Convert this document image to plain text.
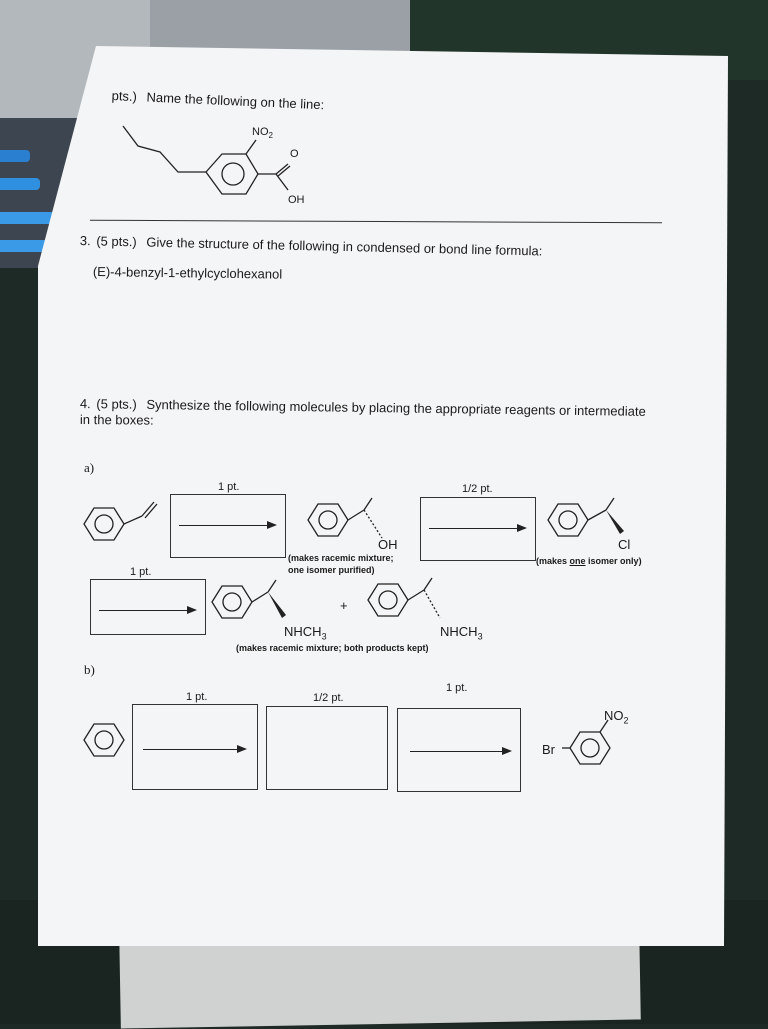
pts.) Name the following on the line:
$NO_2$
O
OH
3. (5 pts.) Give the structure of the following in condensed or bond line formula:
(E)-4-benzyl-1-ethylcyclohexanol
4. (5 pts.) Synthesize the following molecules by placing the appropriate reagents or intermediate
in the boxes:
a)
1 pt.
OH
(makes racemic mixture;
one isomer purified)
1/2 pt.
Cl
(makes one isomer only)
1 pt.
$NHCH_3$
+
$NHCH_3$
(makes racemic mixture; both products kept)
b)
1 pt.	1/2 pt.
1 pt.
$NO_2$
Br
